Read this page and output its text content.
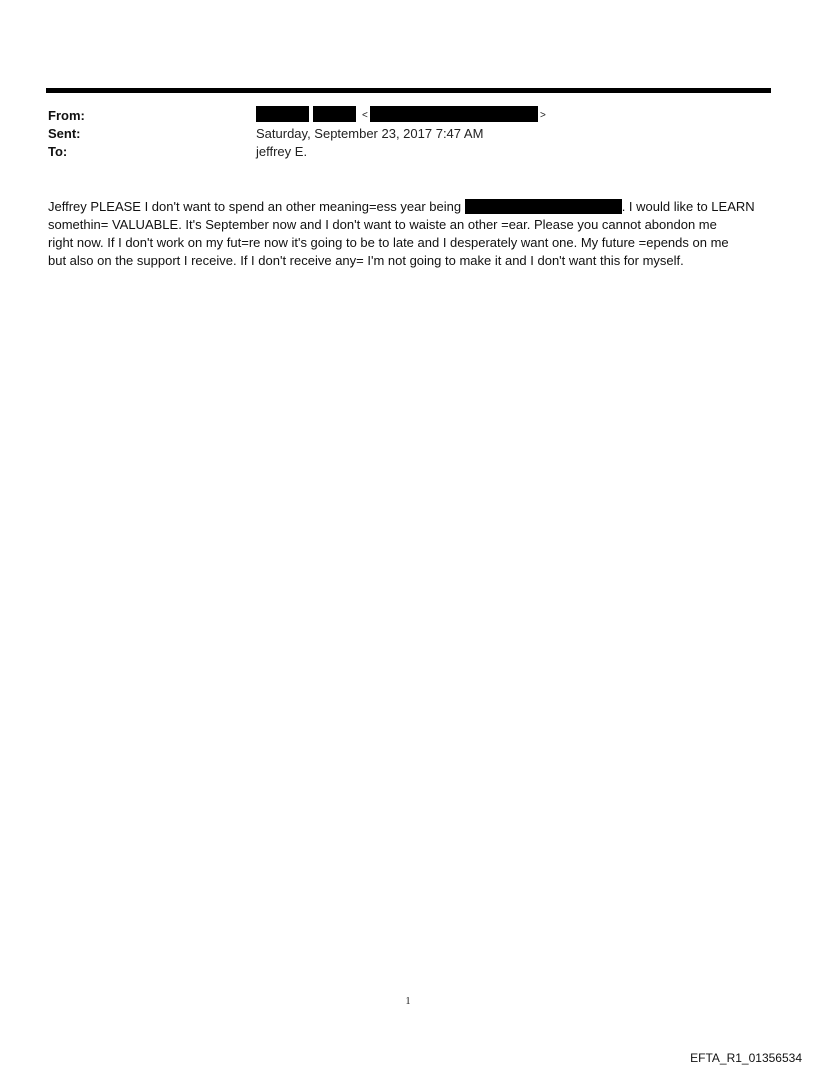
From:	<	>
Sent:	Saturday, September 23, 2017 7:47 AM
To:	jeffrey E.
Jeffrey PLEASE I don't want to spend an other meaning=ess year being	. I would like to LEARN
somethin= VALUABLE. It's September now and I don't want to waiste an other =ear. Please you cannot abondon me
right now. If I don't work on my fut=re now it's going to be to late and I desperately want one. My future =epends on me
but also on the support I receive. If I don't receive any= I'm not going to make it and I don't want this for myself.
1
EFTA_R1_01356534
